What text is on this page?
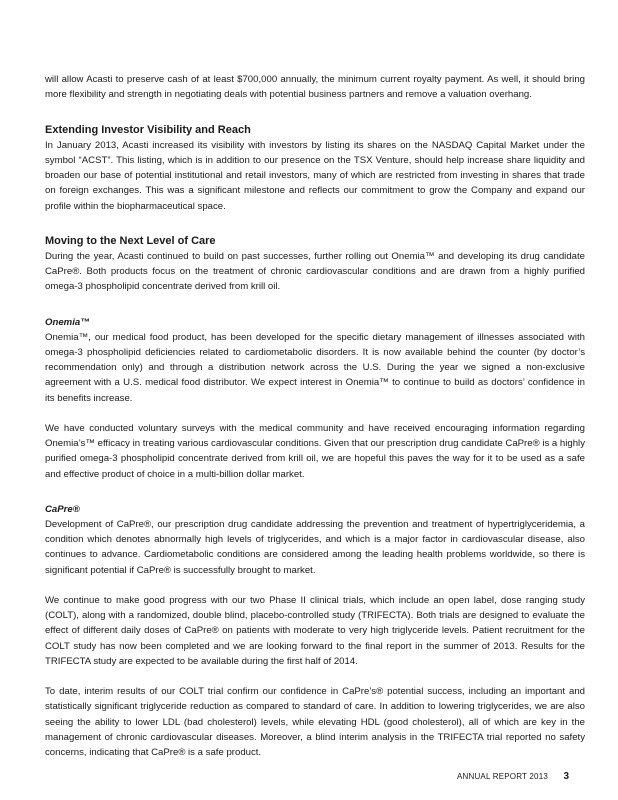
will allow Acasti to preserve cash of at least $700,000 annually, the minimum current royalty payment. As well, it should bring more flexibility and strength in negotiating deals with potential business partners and remove a valuation overhang.

Extending Investor Visibility and Reach

In January 2013, Acasti increased its visibility with investors by listing its shares on the NASDAQ Capital Market under the symbol “ACST”. This listing, which is in addition to our presence on the TSX Venture, should help increase share liquidity and broaden our base of potential institutional and retail investors, many of which are restricted from investing in shares that trade on foreign exchanges. This was a significant milestone and reflects our commitment to grow the Company and expand our profile within the biopharmaceutical space.

Moving to the Next Level of Care

During the year, Acasti continued to build on past successes, further rolling out Onemia™ and developing its drug candidate CaPre®. Both products focus on the treatment of chronic cardiovascular conditions and are drawn from a highly purified omega-3 phospholipid concentrate derived from krill oil.

Onemia™

Onemia™, our medical food product, has been developed for the specific dietary management of illnesses associated with omega-3 phospholipid deficiencies related to cardiometabolic disorders. It is now available behind the counter (by doctor’s recommendation only) and through a distribution network across the U.S. During the year we signed a non-exclusive agreement with a U.S. medical food distributor. We expect interest in Onemia™ to continue to build as doctors’ confidence in its benefits increase.

We have conducted voluntary surveys with the medical community and have received encouraging information regarding Onemia’s™ efficacy in treating various cardiovascular conditions. Given that our prescription drug candidate CaPre® is a highly purified omega-3 phospholipid concentrate derived from krill oil, we are hopeful this paves the way for it to be used as a safe and effective product of choice in a multi-billion dollar market.

CaPre®

Development of CaPre®, our prescription drug candidate addressing the prevention and treatment of hypertriglyceridemia, a condition which denotes abnormally high levels of triglycerides, and which is a major factor in cardiovascular disease, also continues to advance. Cardiometabolic conditions are considered among the leading health problems worldwide, so there is significant potential if CaPre® is successfully brought to market.

We continue to make good progress with our two Phase II clinical trials, which include an open label, dose ranging study (COLT), along with a randomized, double blind, placebo-controlled study (TRIFECTA). Both trials are designed to evaluate the effect of different daily doses of CaPre® on patients with moderate to very high triglyceride levels. Patient recruitment for the COLT study has now been completed and we are looking forward to the final report in the summer of 2013. Results for the TRIFECTA study are expected to be available during the first half of 2014.

To date, interim results of our COLT trial confirm our confidence in CaPre’s® potential success, including an important and statistically significant triglyceride reduction as compared to standard of care. In addition to lowering triglycerides, we are also seeing the ability to lower LDL (bad cholesterol) levels, while elevating HDL (good cholesterol), all of which are key in the management of chronic cardiovascular diseases. Moreover, a blind interim analysis in the TRIFECTA trial reported no safety concerns, indicating that CaPre® is a safe product.

ANNUAL REPORT 2013 3
